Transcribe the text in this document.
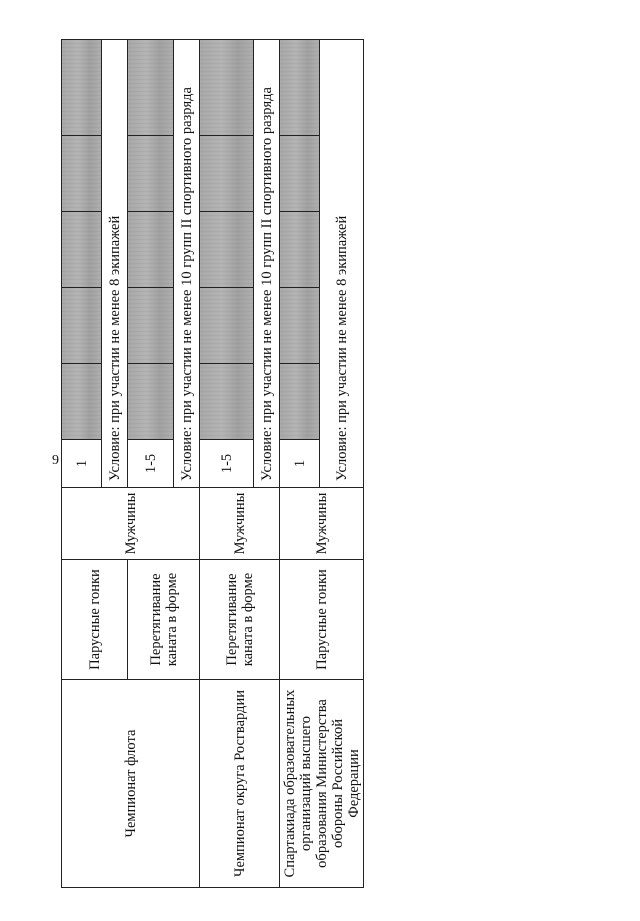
9
Чемпионат флота	Парусные гонки	Мужчины	1					
			Условие: при участии не менее 8 экипажей					
	Перетягивание каната в форме		1-5					
			Условие: при участии не менее 10 групп II спортивного разряда					
Чемпионат округа Росгвардии	Перетягивание каната в форме	Мужчины	1-5					
			Условие: при участии не менее 10 групп II спортивного разряда					
Спартакиада образовательных организаций высшего образования Министерства обороны Российской Федерации	Парусные гонки	Мужчины	1					
			Условие: при участии не менее 8 экипажей					
